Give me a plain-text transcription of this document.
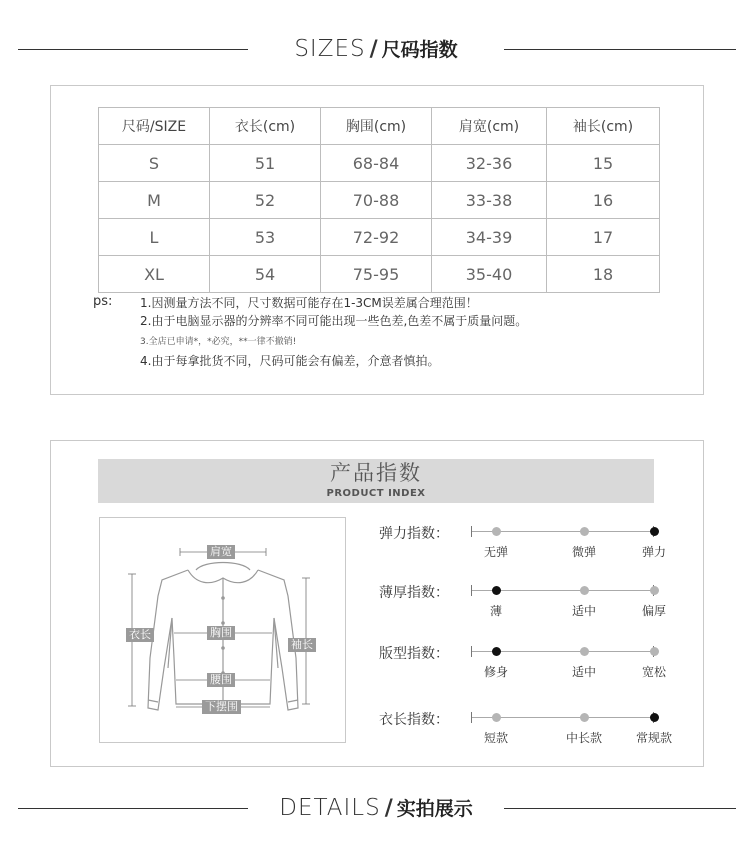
SIZES / 尺码指数
尺码/SIZE	衣长(cm)	胸围(cm)	肩宽(cm)	袖长(cm)
S	51	68-84	32-36	15
M	52	70-88	33-38	16
L	53	72-92	34-39	17
XL	54	75-95	35-40	18
ps: 1.因测量方法不同，尺寸数据可能存在1-3CM误差属合理范围！
2.由于电脑显示器的分辨率不同可能出现一些色差,色差不属于质量问题。
3.全店已申请*，*必究，**一律不撤销!
4.由于每拿批货不同，尺码可能会有偏差，介意者慎拍。
产品指数
PRODUCT INDEX
肩宽
衣长	胸围
袖长
腰围
下摆围
弹力指数：
无弹	微弹	弹力
薄厚指数：
薄	适中	偏厚
版型指数：
修身	适中	宽松
衣长指数：
短款	中长款	常规款
DETAILS / 实拍展示
